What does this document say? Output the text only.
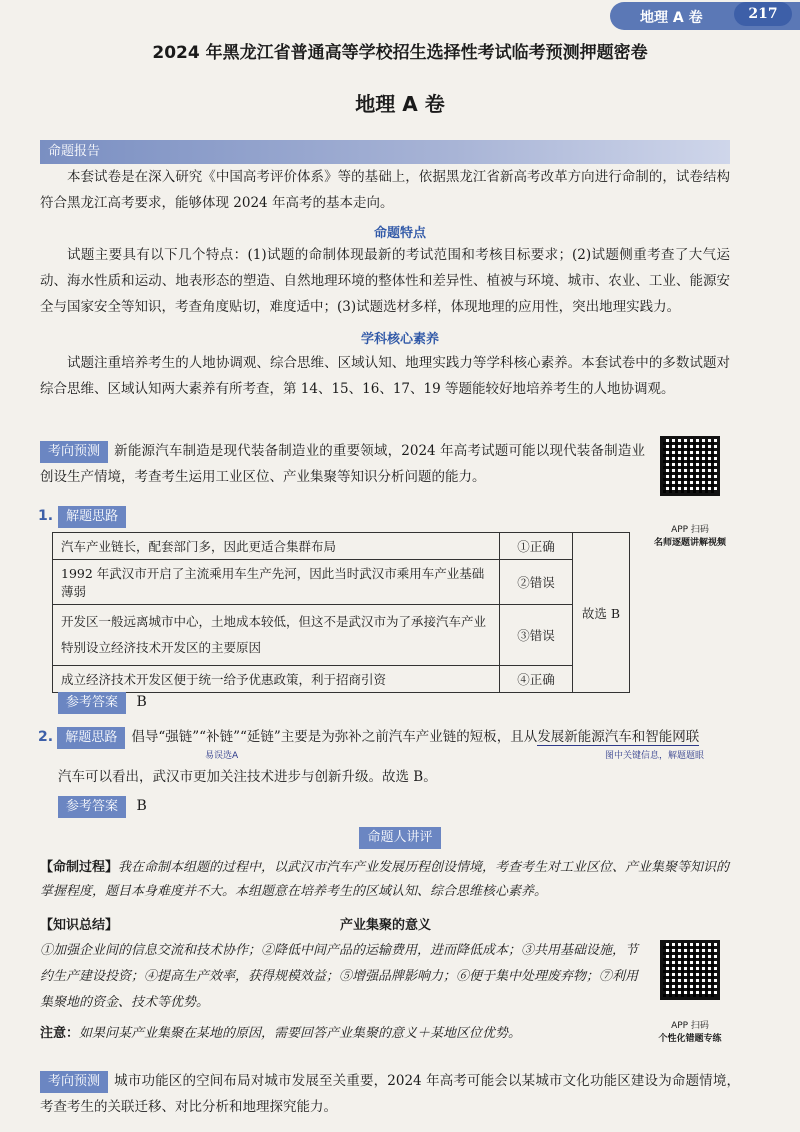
地理 A 卷	217
2024 年黑龙江省普通高等学校招生选择性考试临考预测押题密卷
地理 A 卷
命题报告
本套试卷是在深入研究《中国高考评价体系》等的基础上，依据黑龙江省新高考改革方向进行命制的，试卷结构符合黑龙江高考要求，能够体现 2024 年高考的基本走向。
命题特点
试题主要具有以下几个特点：(1)试题的命制体现最新的考试范围和考核目标要求；(2)试题侧重考查了大气运动、海水性质和运动、地表形态的塑造、自然地理环境的整体性和差异性、植被与环境、城市、农业、工业、能源安全与国家安全等知识，考查角度贴切，难度适中；(3)试题选材多样，体现地理的应用性，突出地理实践力。
学科核心素养
试题注重培养考生的人地协调观、综合思维、区域认知、地理实践力等学科核心素养。本套试卷中的多数试题对综合思维、区域认知两大素养有所考查，第 14、15、16、17、19 等题能较好地培养考生的人地协调观。
考向预测 新能源汽车制造是现代装备制造业的重要领域，2024 年高考试题可能以现代装备制造业创设生产情境，考查考生运用工业区位、产业集聚等知识分析问题的能力。
APP 扫码
名师逐题讲解视频
1. 解题思路
汽车产业链长，配套部门多，因此更适合集群布局	①正确	故选 B
1992 年武汉市开启了主流乘用车生产先河，因此当时武汉市乘用车产业基础薄弱	②错误	
开发区一般远离城市中心，土地成本较低，但这不是武汉市为了承接汽车产业特别设立经济技术开发区的主要原因	③错误	
成立经济技术开发区便于统一给予优惠政策，利于招商引资	④正确	
参考答案 B
2. 解题思路 倡导“强链”“补链”“延链”主要是为弥补之前汽车产业链的短板，且从发展新能源汽车和智能网联
易误选A	图中关键信息，解题题眼
汽车可以看出，武汉市更加关注技术进步与创新升级。故选 B。
参考答案 B
命题人讲评
【命制过程】我在命制本组题的过程中，以武汉市汽车产业发展历程创设情境，考查考生对工业区位、产业集聚等知识的掌握程度，题目本身难度并不大。本组题意在培养考生的区域认知、综合思维核心素养。
【知识总结】	产业集聚的意义
①加强企业间的信息交流和技术协作；②降低中间产品的运输费用，进而降低成本；③共用基础设施，节约生产建设投资；④提高生产效率，获得规模效益；⑤增强品牌影响力；⑥便于集中处理废弃物；⑦利用集聚地的资金、技术等优势。
注意：如果问某产业集聚在某地的原因，需要回答产业集聚的意义＋某地区位优势。	APP 扫码
个性化错题专练
考向预测 城市功能区的空间布局对城市发展至关重要，2024 年高考可能会以某城市文化功能区建设为命题情境，考查考生的关联迁移、对比分析和地理探究能力。
